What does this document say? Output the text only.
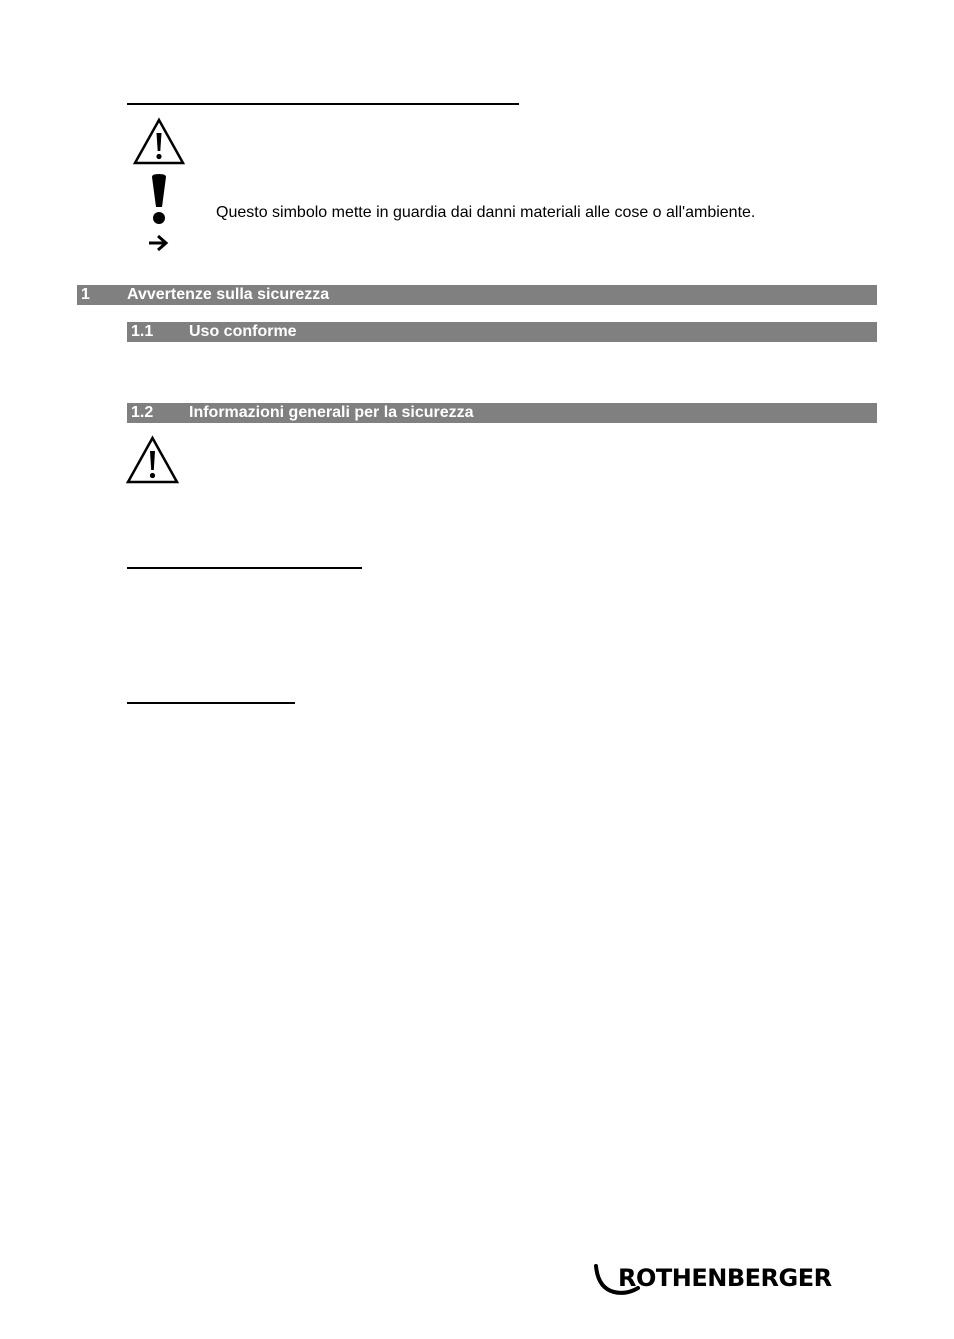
Questo simbolo mette in guardia dai danni materiali alle cose o all'ambiente.
1 Avvertenze sulla sicurezza
1.1 Uso conforme
1.2 Informazioni generali per la sicurezza
ROTHENBERGER
